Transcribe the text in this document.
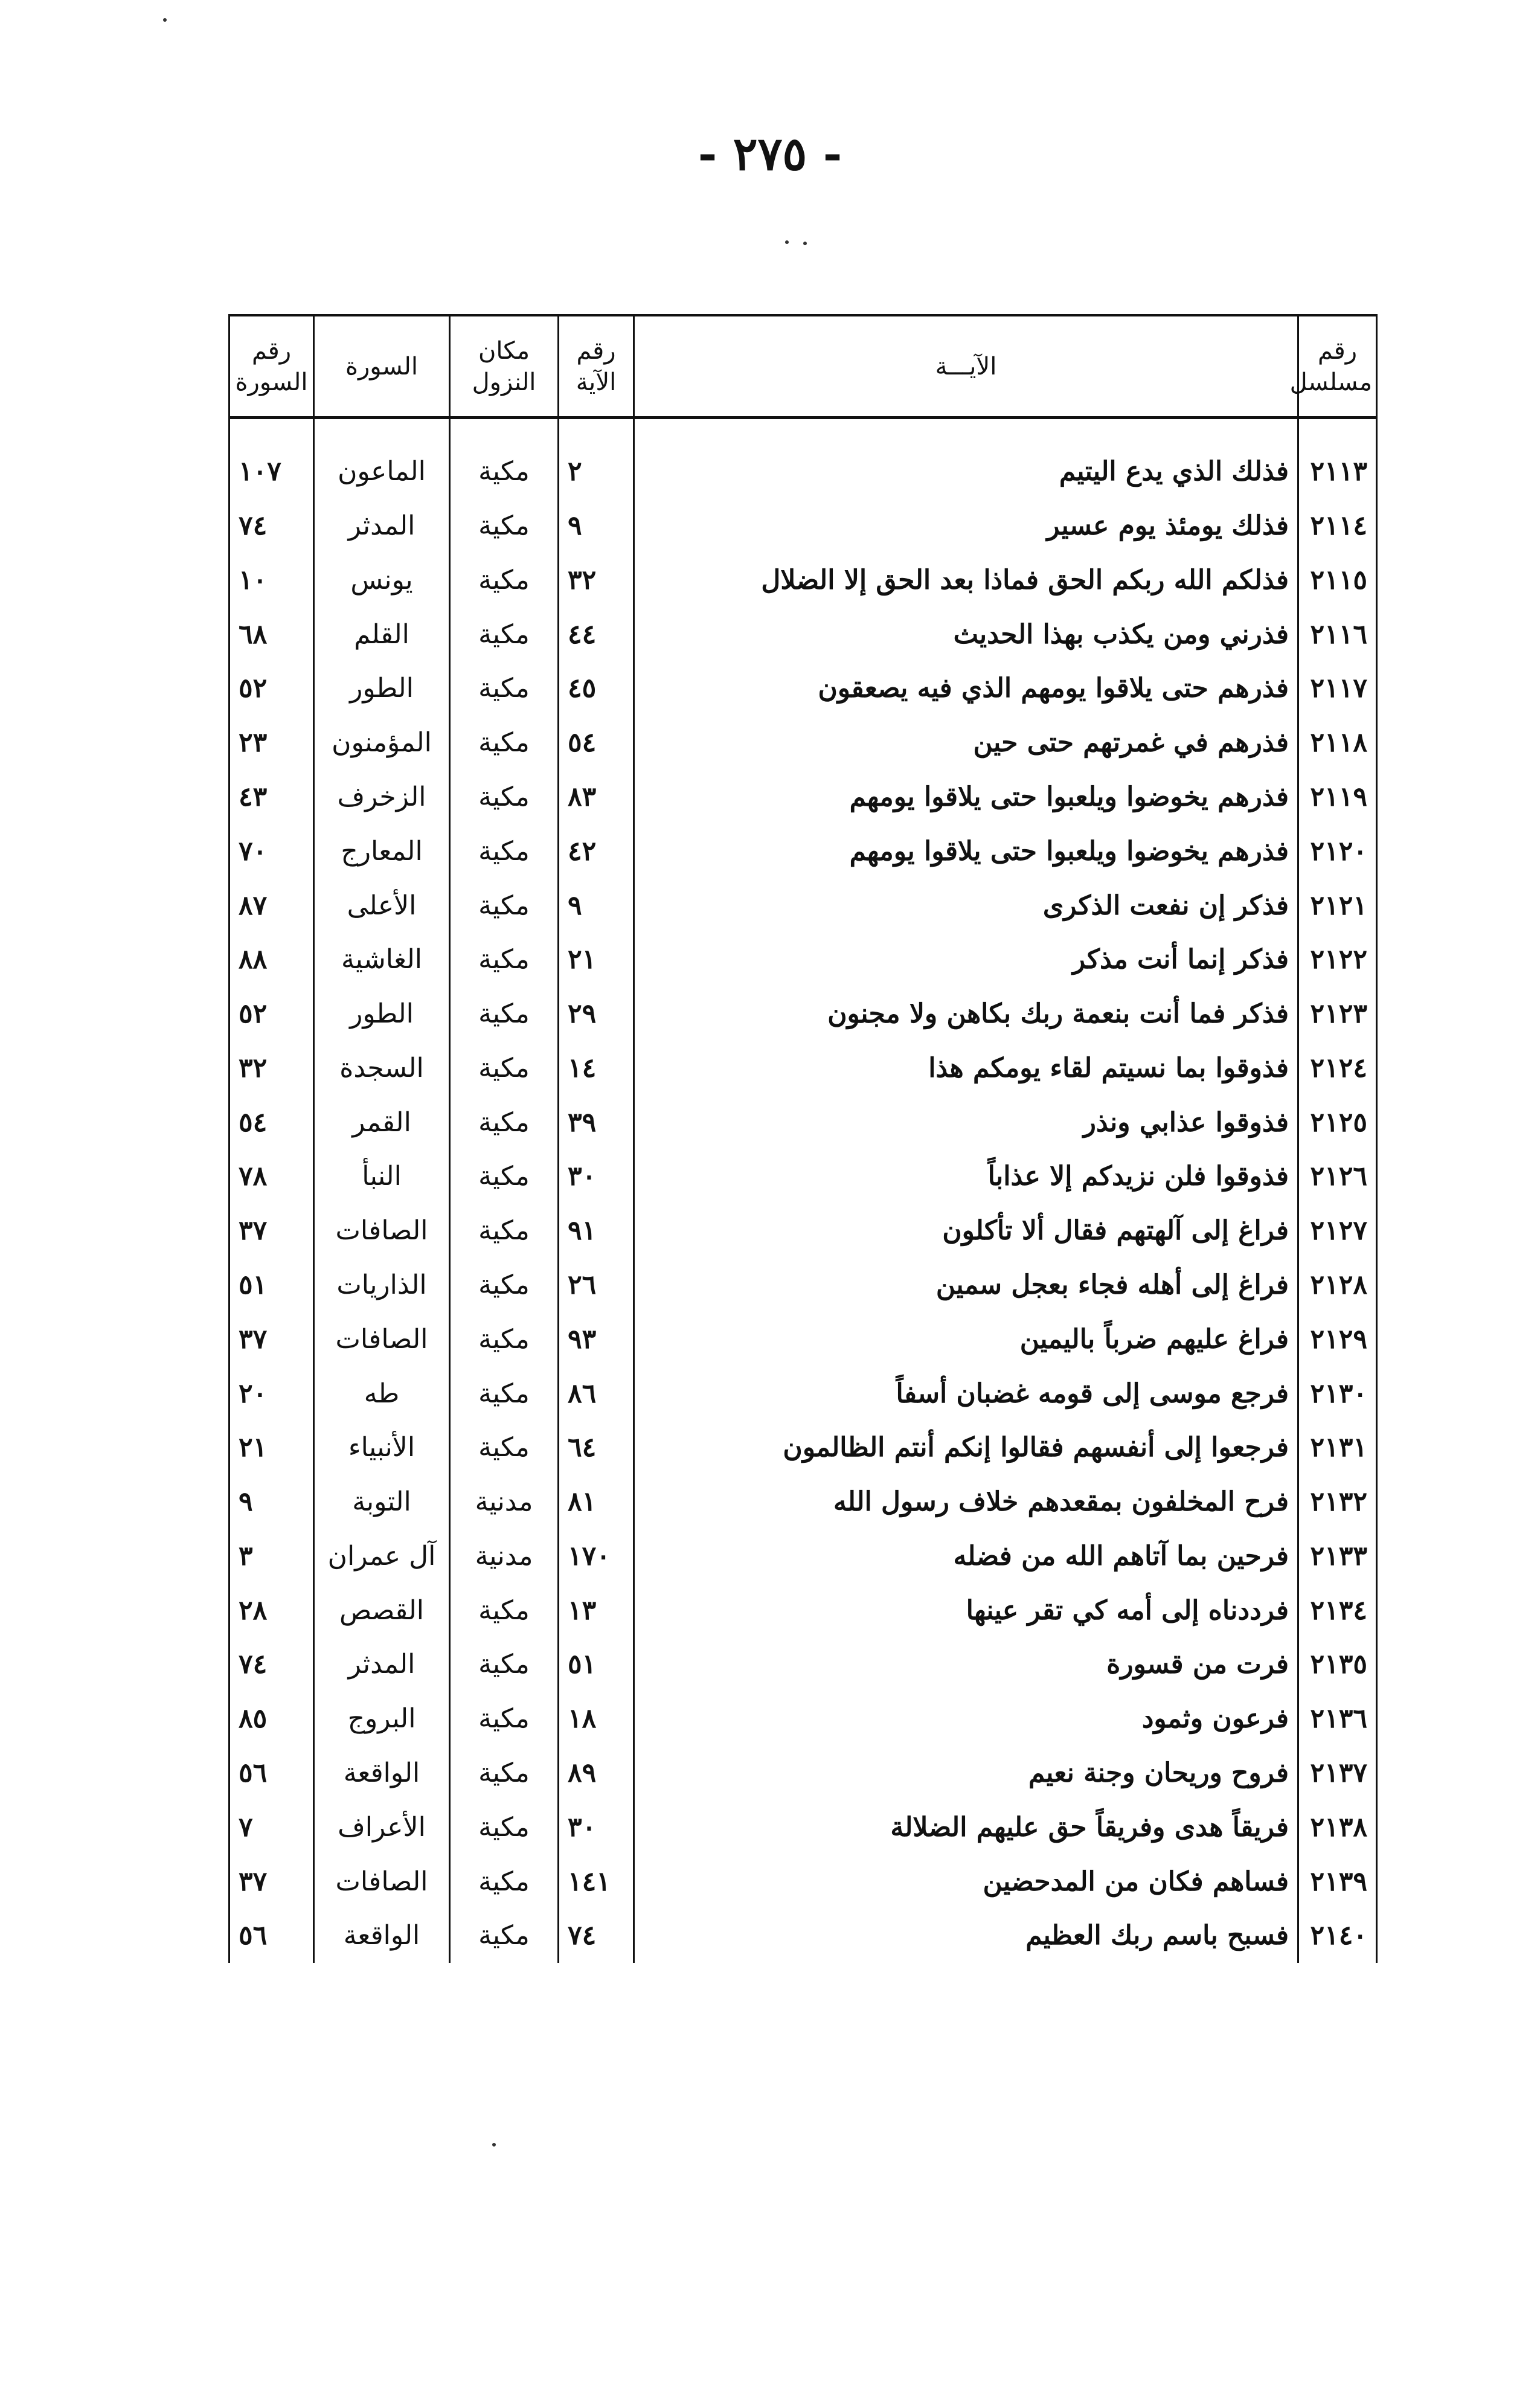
- ٢٧٥ -
رقم مسلسل	الآيـــة	رقم الآية	مكان النزول	السورة	رقم السورة

٢١١٣	فذلك الذي يدع اليتيم	٢	مكية	الماعون	١٠٧
٢١١٤	فذلك يومئذ يوم عسير	٩	مكية	المدثر	٧٤
٢١١٥	فذلكم الله ربكم الحق فماذا بعد الحق إلا الضلال	٣٢	مكية	يونس	١٠
٢١١٦	فذرني ومن يكذب بهذا الحديث	٤٤	مكية	القلم	٦٨
٢١١٧	فذرهم حتى يلاقوا يومهم الذي فيه يصعقون	٤٥	مكية	الطور	٥٢
٢١١٨	فذرهم في غمرتهم حتى حين	٥٤	مكية	المؤمنون	٢٣
٢١١٩	فذرهم يخوضوا ويلعبوا حتى يلاقوا يومهم	٨٣	مكية	الزخرف	٤٣
٢١٢٠	فذرهم يخوضوا ويلعبوا حتى يلاقوا يومهم	٤٢	مكية	المعارج	٧٠
٢١٢١	فذكر إن نفعت الذكرى	٩	مكية	الأعلى	٨٧
٢١٢٢	فذكر إنما أنت مذكر	٢١	مكية	الغاشية	٨٨
٢١٢٣	فذكر فما أنت بنعمة ربك بكاهن ولا مجنون	٢٩	مكية	الطور	٥٢
٢١٢٤	فذوقوا بما نسيتم لقاء يومكم هذا	١٤	مكية	السجدة	٣٢
٢١٢٥	فذوقوا عذابي ونذر	٣٩	مكية	القمر	٥٤
٢١٢٦	فذوقوا فلن نزيدكم إلا عذاباً	٣٠	مكية	النبأ	٧٨
٢١٢٧	فراغ إلى آلهتهم فقال ألا تأكلون	٩١	مكية	الصافات	٣٧
٢١٢٨	فراغ إلى أهله فجاء بعجل سمين	٢٦	مكية	الذاريات	٥١
٢١٢٩	فراغ عليهم ضرباً باليمين	٩٣	مكية	الصافات	٣٧
٢١٣٠	فرجع موسى إلى قومه غضبان أسفاً	٨٦	مكية	طه	٢٠
٢١٣١	فرجعوا إلى أنفسهم فقالوا إنكم أنتم الظالمون	٦٤	مكية	الأنبياء	٢١
٢١٣٢	فرح المخلفون بمقعدهم خلاف رسول الله	٨١	مدنية	التوبة	٩
٢١٣٣	فرحين بما آتاهم الله من فضله	١٧٠	مدنية	آل عمران	٣
٢١٣٤	فرددناه إلى أمه كي تقر عينها	١٣	مكية	القصص	٢٨
٢١٣٥	فرت من قسورة	٥١	مكية	المدثر	٧٤
٢١٣٦	فرعون وثمود	١٨	مكية	البروج	٨٥
٢١٣٧	فروح وريحان وجنة نعيم	٨٩	مكية	الواقعة	٥٦
٢١٣٨	فريقاً هدى وفريقاً حق عليهم الضلالة	٣٠	مكية	الأعراف	٧
٢١٣٩	فساهم فكان من المدحضين	١٤١	مكية	الصافات	٣٧
٢١٤٠	فسبح باسم ربك العظيم	٧٤	مكية	الواقعة	٥٦
